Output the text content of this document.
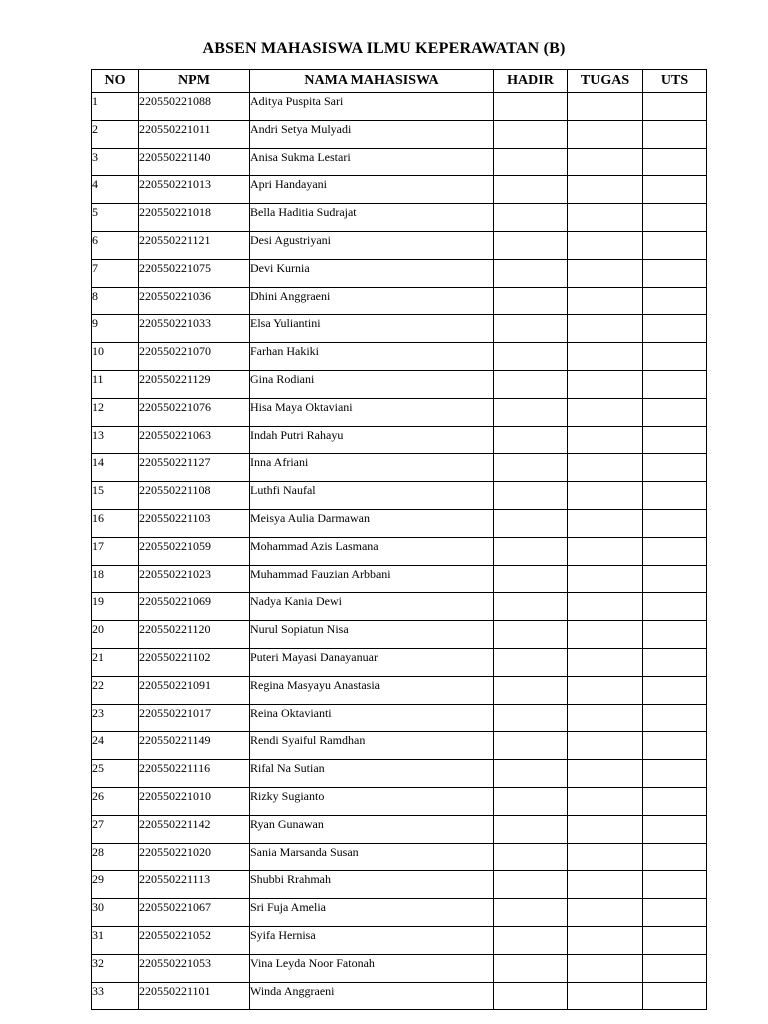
ABSEN MAHASISWA ILMU KEPERAWATAN (B)
NO	NPM	NAMA MAHASISWA	HADIR	TUGAS	UTS
1	220550221088	Aditya Puspita Sari			
2	220550221011	Andri Setya Mulyadi			
3	220550221140	Anisa Sukma Lestari			
4	220550221013	Apri Handayani			
5	220550221018	Bella Haditia Sudrajat			
6	220550221121	Desi Agustriyani			
7	220550221075	Devi Kurnia			
8	220550221036	Dhini Anggraeni			
9	220550221033	Elsa Yuliantini			
10	220550221070	Farhan Hakiki			
11	220550221129	Gina Rodiani			
12	220550221076	Hisa Maya Oktaviani			
13	220550221063	Indah Putri Rahayu			
14	220550221127	Inna Afriani			
15	220550221108	Luthfi Naufal			
16	220550221103	Meisya Aulia Darmawan			
17	220550221059	Mohammad Azis Lasmana			
18	220550221023	Muhammad Fauzian Arbbani			
19	220550221069	Nadya Kania Dewi			
20	220550221120	Nurul Sopiatun Nisa			
21	220550221102	Puteri Mayasi Danayanuar			
22	220550221091	Regina Masyayu Anastasia			
23	220550221017	Reina Oktavianti			
24	220550221149	Rendi Syaiful Ramdhan			
25	220550221116	Rifal Na Sutian			
26	220550221010	Rizky Sugianto			
27	220550221142	Ryan Gunawan			
28	220550221020	Sania Marsanda Susan			
29	220550221113	Shubbi Rrahmah			
30	220550221067	Sri Fuja Amelia			
31	220550221052	Syifa Hernisa			
32	220550221053	Vina Leyda Noor Fatonah			
33	220550221101	Winda Anggraeni			
